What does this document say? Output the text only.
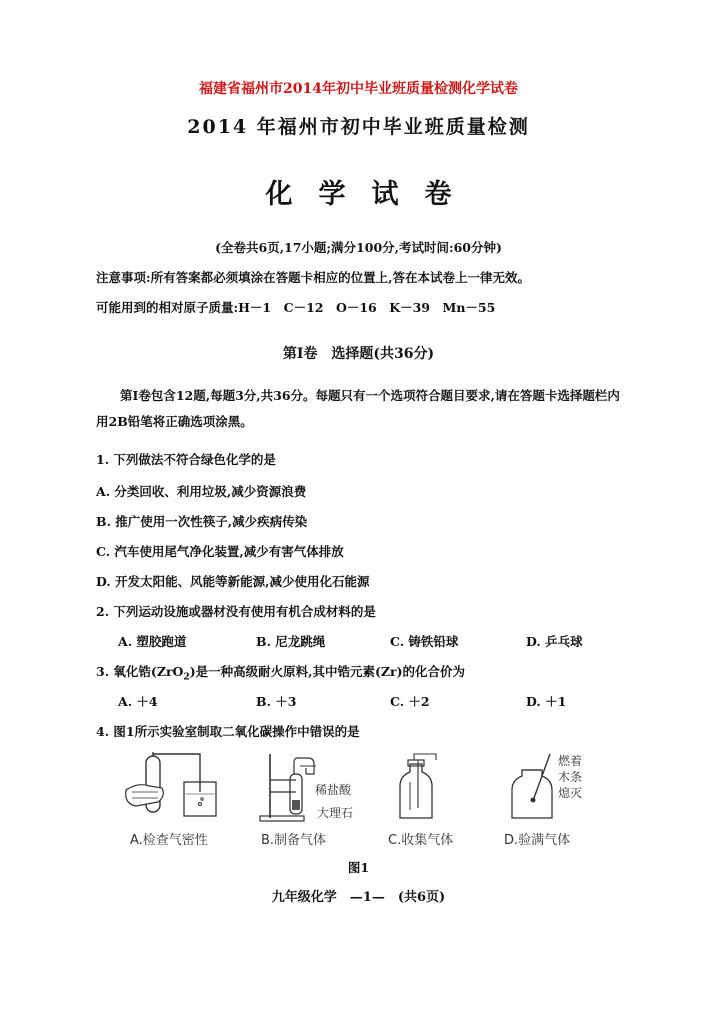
福建省福州市2014年初中毕业班质量检测化学试卷
2014 年福州市初中毕业班质量检测
化学试卷
(全卷共6页,17小题;满分100分,考试时间:60分钟)
注意事项:所有答案都必须填涂在答题卡相应的位置上,答在本试卷上一律无效。
可能用到的相对原子质量:H－1　C－12　O－16　K－39　Mn－55
第Ⅰ卷　选择题(共36分)
第Ⅰ卷包含12题,每题3分,共36分。每题只有一个选项符合题目要求,请在答题卡选择题栏内用2B铅笔将正确选项涂黑。
1. 下列做法不符合绿色化学的是
A. 分类回收、利用垃圾,减少资源浪费
B. 推广使用一次性筷子,减少疾病传染
C. 汽车使用尾气净化装置,减少有害气体排放
D. 开发太阳能、风能等新能源,减少使用化石能源
2. 下列运动设施或器材没有使用有机合成材料的是
A. 塑胶跑道	B. 尼龙跳绳	C. 铸铁铅球	D. 乒乓球
3. 氧化锆(ZrO$_2$)是一种高级耐火原料,其中锆元素(Zr)的化合价为
A. ＋4	B. ＋3	C. ＋2	D. ＋1
4. 图1所示实验室制取二氧化碳操作中错误的是
A.检查气密性
稀盐酸
大理石
B.制备气体	C.收集气体
燃着
木条
熄灭
D.验满气体
图1
九年级化学　—1—　(共6页)
